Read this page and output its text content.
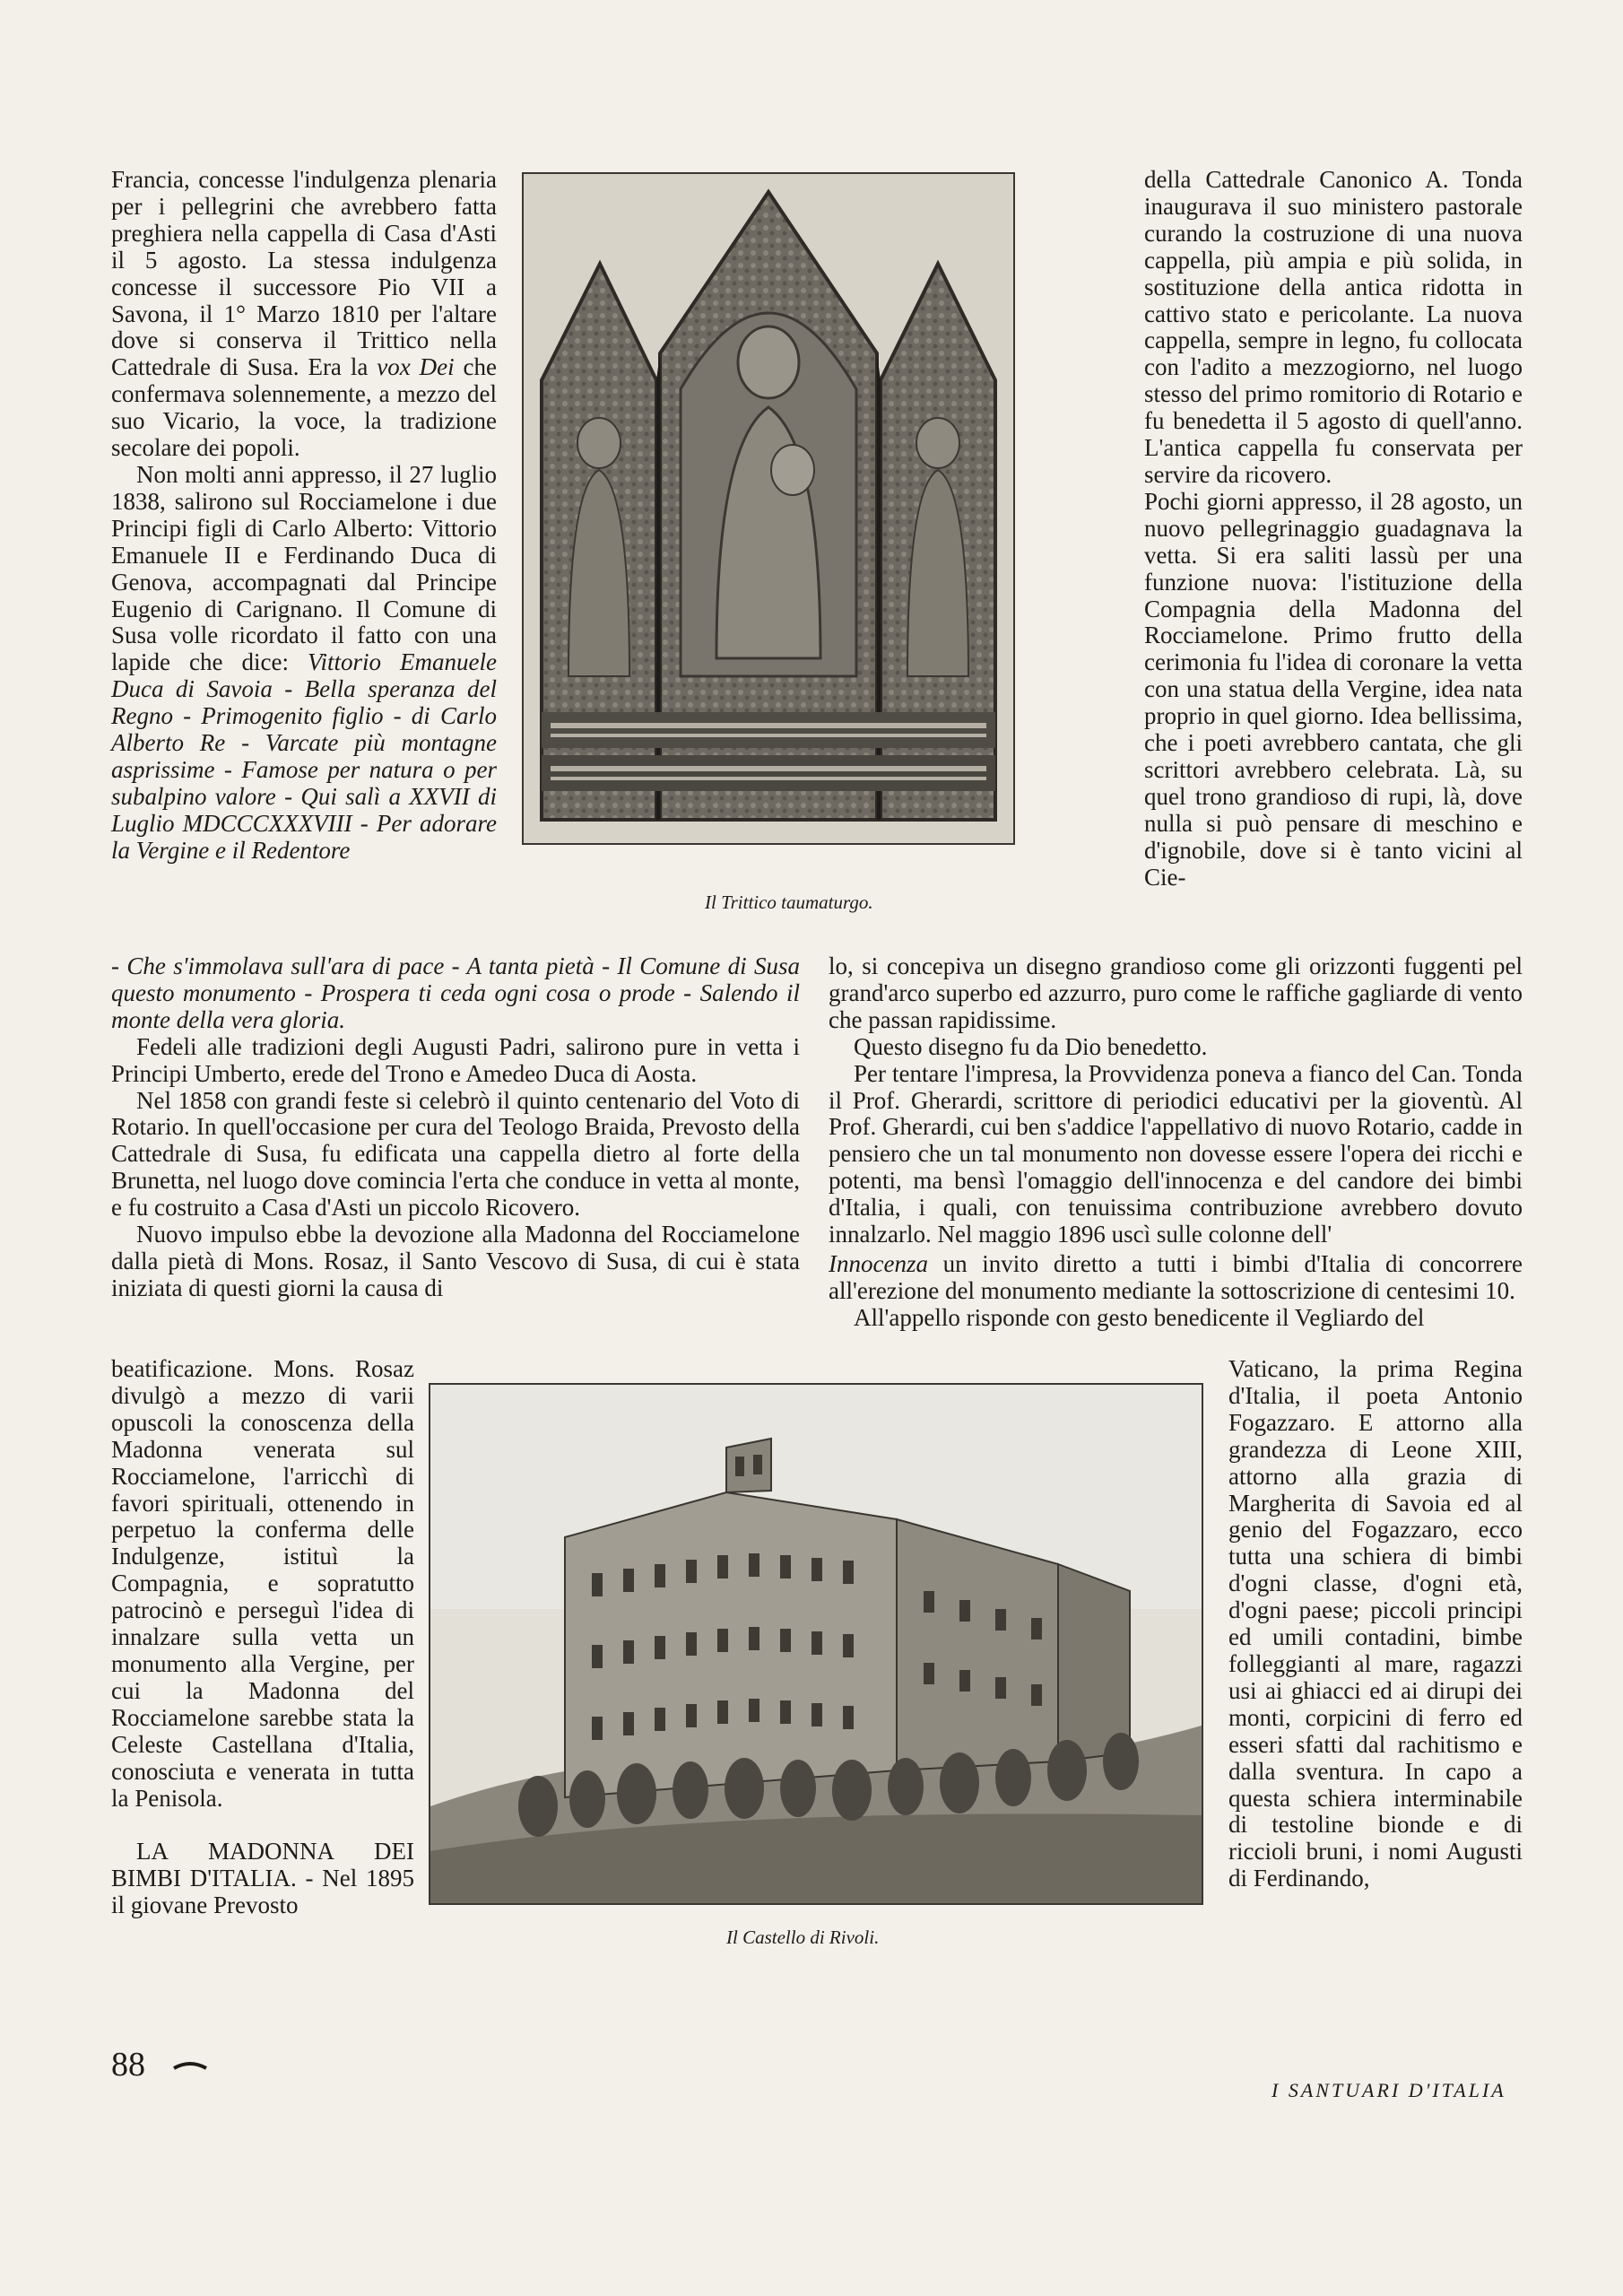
Francia, concesse l'indulgenza plenaria per i pellegrini che avrebbero fatta preghiera nella cappella di Casa d'Asti il 5 agosto. La stessa indulgenza concesse il successore Pio VII a Savona, il 1° Marzo 1810 per l'altare dove si conserva il Trittico nella Cattedrale di Susa. Era la vox Dei che confermava solennemente, a mezzo del suo Vicario, la voce, la tradizione secolare dei popoli.

Non molti anni appresso, il 27 luglio 1838, salirono sul Rocciamelone i due Principi figli di Carlo Alberto: Vittorio Emanuele II e Ferdinando Duca di Genova, accompagnati dal Principe Eugenio di Carignano. Il Comune di Susa volle ricordato il fatto con una lapide che dice: Vittorio Emanuele Duca di Savoia - Bella speranza del Regno - Primogenito figlio - di Carlo Alberto Re - Varcate più montagne asprissime - Famose per natura o per subalpino valore - Qui salì a XXVII di Luglio MDCCCXXXVIII - Per adorare la Vergine e il Redentore

Il Trittico taumaturgo.

della Cattedrale Canonico A. Tonda inaugurava il suo ministero pastorale curando la costruzione di una nuova cappella, più ampia e più solida, in sostituzione della antica ridotta in cattivo stato e pericolante. La nuova cappella, sempre in legno, fu collocata con l'adito a mezzogiorno, nel luogo stesso del primo romitorio di Rotario e fu benedetta il 5 agosto di quell'anno. L'antica cappella fu conservata per servire da ricovero.

Pochi giorni appresso, il 28 agosto, un nuovo pellegrinaggio guadagnava la vetta. Si era saliti lassù per una funzione nuova: l'istituzione della Compagnia della Madonna del Rocciamelone. Primo frutto della cerimonia fu l'idea di coronare la vetta con una statua della Vergine, idea nata proprio in quel giorno. Idea bellissima, che i poeti avrebbero cantata, che gli scrittori avrebbero celebrata. Là, su quel trono grandioso di rupi, là, dove nulla si può pensare di meschino e d'ignobile, dove si è tanto vicini al Cie-

- Che s'immolava sull'ara di pace - A tanta pietà - Il Comune di Susa questo monumento - Prospera ti ceda ogni cosa o prode - Salendo il monte della vera gloria.

Fedeli alle tradizioni degli Augusti Padri, salirono pure in vetta i Principi Umberto, erede del Trono e Amedeo Duca di Aosta.

Nel 1858 con grandi feste si celebrò il quinto centenario del Voto di Rotario. In quell'occasione per cura del Teologo Braida, Prevosto della Cattedrale di Susa, fu edificata una cappella dietro al forte della Brunetta, nel luogo dove comincia l'erta che conduce in vetta al monte, e fu costruito a Casa d'Asti un piccolo Ricovero.

Nuovo impulso ebbe la devozione alla Madonna del Rocciamelone dalla pietà di Mons. Rosaz, il Santo Vescovo di Susa, di cui è stata iniziata di questi giorni la causa di

lo, si concepiva un disegno grandioso come gli orizzonti fuggenti pel grand'arco superbo ed azzurro, puro come le raffiche gagliarde di vento che passan rapidissime.

Questo disegno fu da Dio benedetto.

Per tentare l'impresa, la Provvidenza poneva a fianco del Can. Tonda il Prof. Gherardi, scrittore di periodici educativi per la gioventù. Al Prof. Gherardi, cui ben s'addice l'appellativo di nuovo Rotario, cadde in pensiero che un tal monumento non dovesse essere l'opera dei ricchi e potenti, ma bensì l'omaggio dell'innocenza e del candore dei bimbi d'Italia, i quali, con tenuissima contribuzione avrebbero dovuto innalzarlo. Nel maggio 1896 uscì sulle colonne dell'

Innocenza un invito diretto a tutti i bimbi d'Italia di concorrere all'erezione del monumento mediante la sottoscrizione di centesimi 10.

All'appello risponde con gesto benedicente il Vegliardo del

beatificazione. Mons. Rosaz divulgò a mezzo di varii opuscoli la conoscenza della Madonna venerata sul Rocciamelone, l'arricchì di favori spirituali, ottenendo in perpetuo la conferma delle Indulgenze, istituì la Compagnia, e sopratutto patrocinò e perseguì l'idea di innalzare sulla vetta un monumento alla Vergine, per cui la Madonna del Rocciamelone sarebbe stata la Celeste Castellana d'Italia, conosciuta e venerata in tutta la Penisola.

LA MADONNA DEI BIMBI D'ITALIA. - Nel 1895 il giovane Prevosto

Il Castello di Rivoli.

Vaticano, la prima Regina d'Italia, il poeta Antonio Fogazzaro. E attorno alla grandezza di Leone XIII, attorno alla grazia di Margherita di Savoia ed al genio del Fogazzaro, ecco tutta una schiera di bimbi d'ogni classe, d'ogni età, d'ogni paese; piccoli principi ed umili contadini, bimbe folleggianti al mare, ragazzi usi ai ghiacci ed ai dirupi dei monti, corpicini di ferro ed esseri sfatti dal rachitismo e dalla sventura. In capo a questa schiera interminabile di testoline bionde e di riccioli bruni, i nomi Augusti di Ferdinando,

88
I SANTUARI D'ITALIA
